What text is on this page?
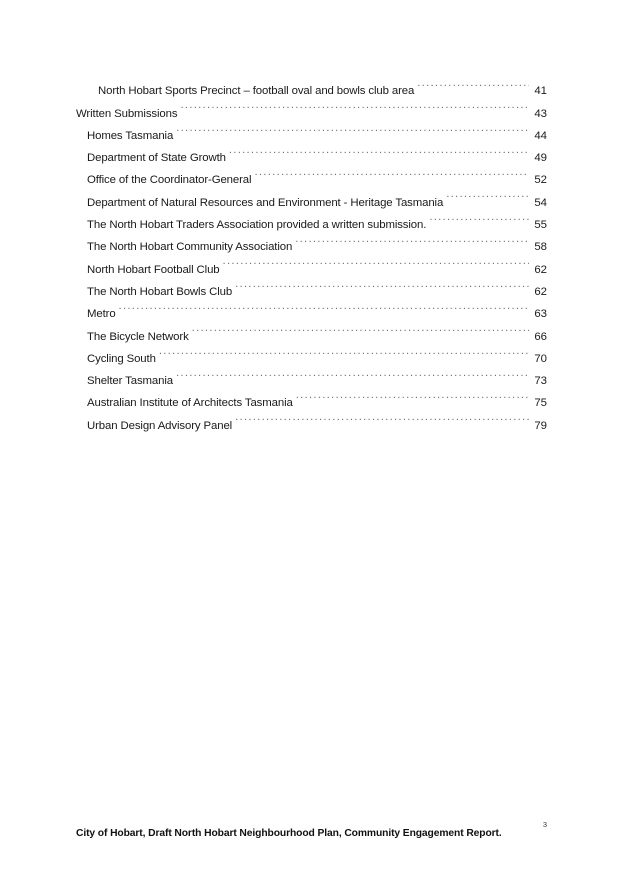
North Hobart Sports Precinct – football oval and bowls club area .....	41
Written Submissions .....	43
Homes Tasmania .....	44
Department of State Growth .....	49
Office of the Coordinator-General .....	52
Department of Natural Resources and Environment - Heritage Tasmania .....	54
The North Hobart Traders Association provided a written submission. .....	55
The North Hobart Community Association .....	58
North Hobart Football Club .....	62
The North Hobart Bowls Club .....	62
Metro .....	63
The Bicycle Network .....	66
Cycling South .....	70
Shelter Tasmania .....	73
Australian Institute of Architects Tasmania .....	75
Urban Design Advisory Panel .....	79
3
City of Hobart, Draft North Hobart Neighbourhood Plan, Community Engagement Report.
